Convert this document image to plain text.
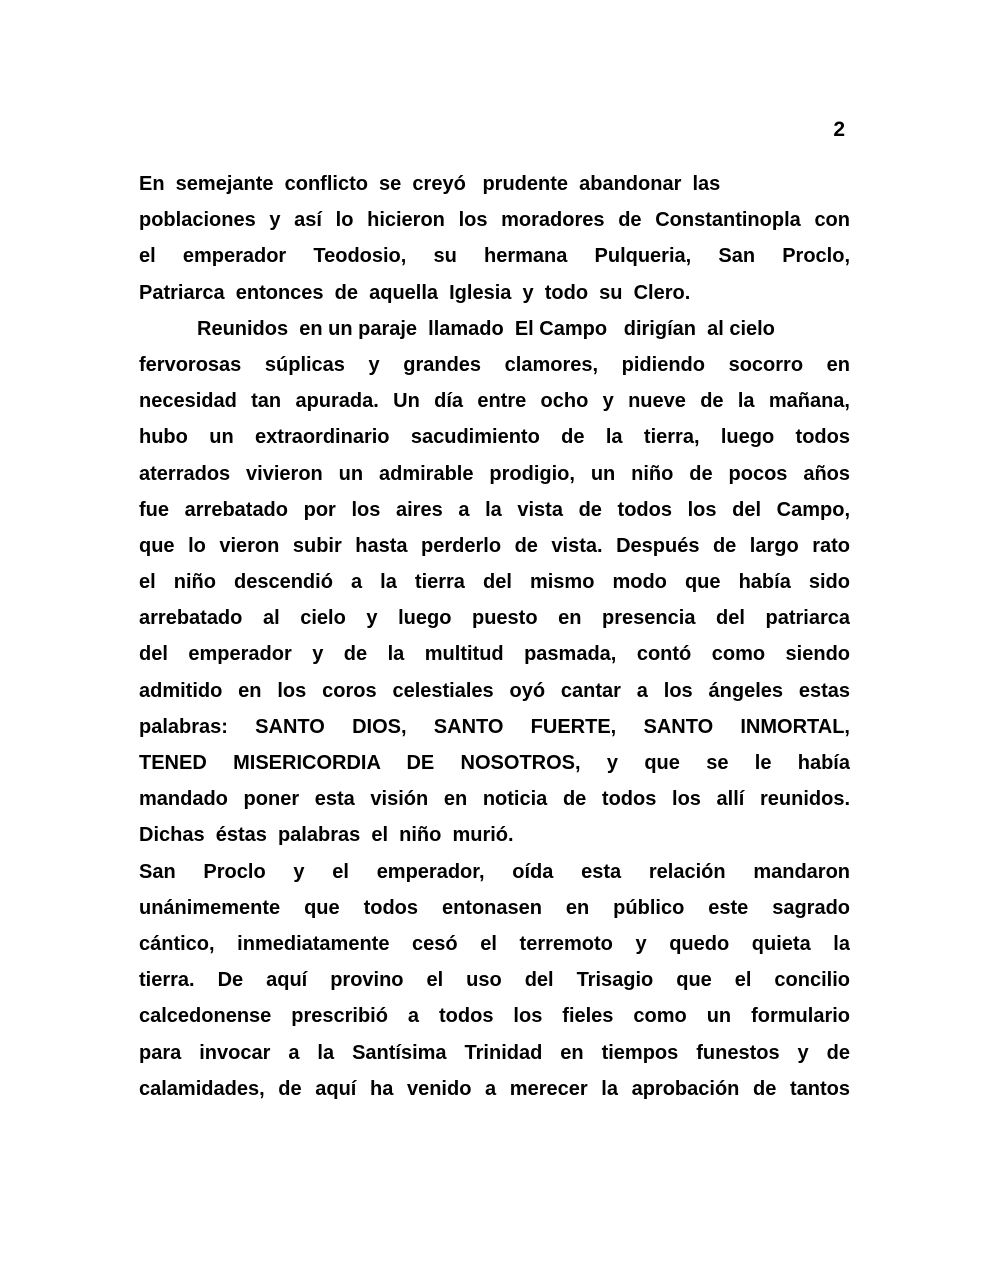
2
En  semejante  conflicto  se  creyó   prudente  abandonar  las
poblaciones y así lo hicieron los moradores de Constantinopla con
el emperador Teodosio, su hermana Pulqueria, San Proclo,
Patriarca  entonces  de  aquella  Iglesia  y  todo  su  Clero.
Reunidos  en un paraje  llamado  El Campo   dirigían  al cielo
fervorosas súplicas y grandes clamores, pidiendo socorro en
necesidad tan apurada. Un día entre ocho y nueve de la mañana,
hubo un extraordinario sacudimiento de la tierra, luego todos
aterrados vivieron un admirable prodigio, un niño de pocos años
fue arrebatado por los aires a la vista de todos los del Campo,
que lo vieron subir hasta perderlo de vista. Después de largo rato
el niño descendió a la tierra del mismo modo que había sido
arrebatado al cielo y luego puesto en presencia del patriarca
del emperador y de la multitud pasmada, contó como siendo
admitido en los coros celestiales oyó cantar a los ángeles estas
palabras: SANTO DIOS, SANTO FUERTE, SANTO INMORTAL,
TENED MISERICORDIA DE NOSOTROS, y que se le había
mandado poner esta visión en noticia de todos los allí reunidos.
Dichas  éstas  palabras  el  niño  murió.
San Proclo y el emperador, oída esta relación mandaron
unánimemente que todos entonasen en público este sagrado
cántico, inmediatamente cesó el terremoto y quedo quieta la
tierra. De aquí provino el uso del Trisagio que el concilio
calcedonense prescribió a todos los fieles como un formulario
para invocar a la Santísima Trinidad en tiempos funestos y de
calamidades, de aquí ha venido a merecer la aprobación de tantos
